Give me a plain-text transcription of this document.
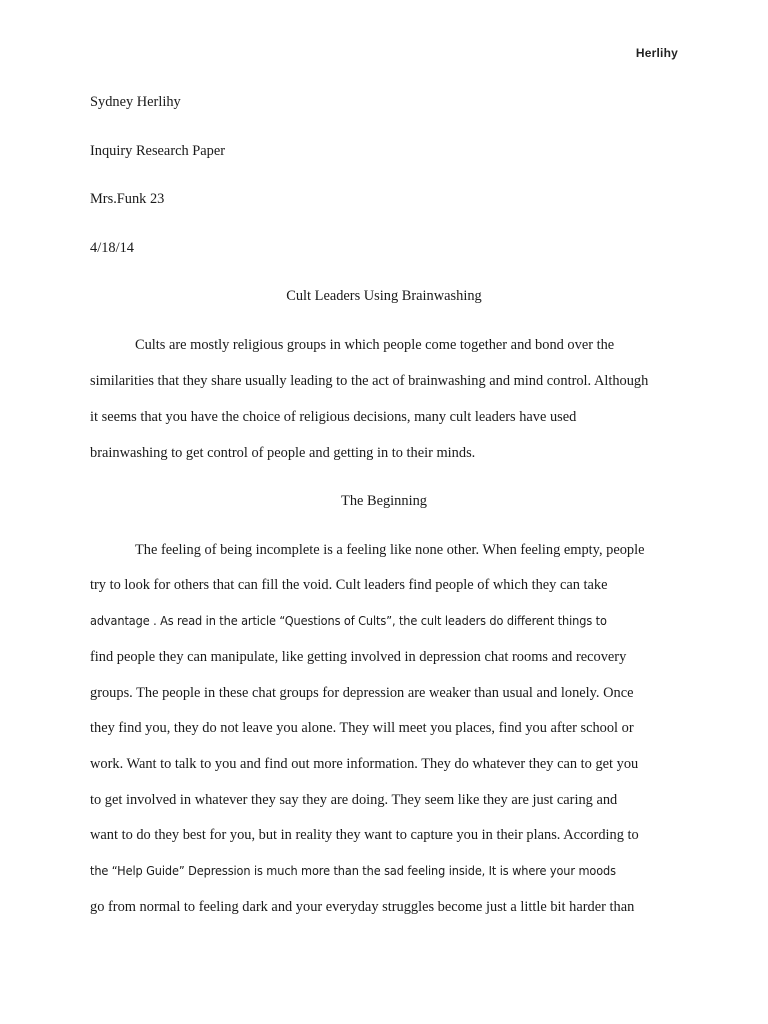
Herlihy
Sydney Herlihy
Inquiry Research Paper
Mrs.Funk 23
4/18/14
Cult Leaders Using Brainwashing
Cults are mostly religious groups in which people come together and bond over the
similarities that they share usually leading to the act of brainwashing and mind control. Although
it seems that you have the choice of religious decisions, many cult leaders have used
brainwashing to get control of people and getting in to their minds.
The Beginning
The feeling of being incomplete is a feeling like none other. When feeling empty, people
try to look for others that can fill the void. Cult leaders find people of which they can take
advantage . As read in the article “Questions of Cults”, the cult leaders do different things to
find people they can manipulate, like getting involved in depression chat rooms and recovery
groups. The people in these chat groups for depression are weaker than usual and lonely. Once
they find you, they do not leave you alone. They will meet you places, find you after school or
work. Want to talk to you and find out more information. They do whatever they can to get you
to get involved in whatever they say they are doing. They seem like they are just caring and
want to do they best for you, but in reality they want to capture you in their plans. According to
the “Help Guide” Depression is much more than the sad feeling inside, It is where your moods
go from normal to feeling dark and your everyday struggles become just a little bit harder than
